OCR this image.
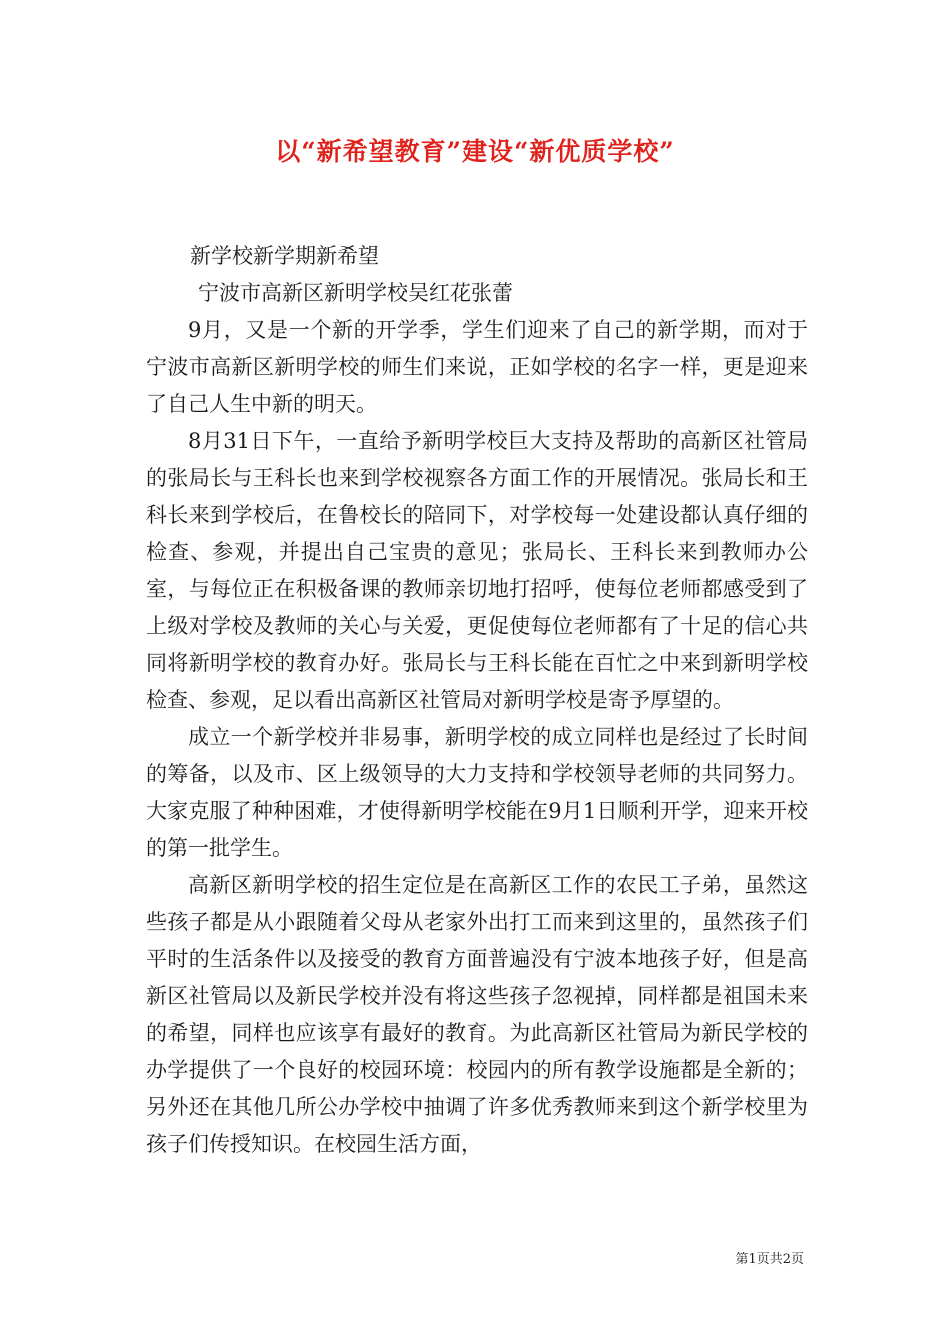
以“新希望教育”建设“新优质学校”

新学校新学期新希望

宁波市高新区新明学校吴红花张蕾

9月，又是一个新的开学季，学生们迎来了自己的新学期，而对于宁波市高新区新明学校的师生们来说，正如学校的名字一样，更是迎来了自己人生中新的明天。

8月31日下午，一直给予新明学校巨大支持及帮助的高新区社管局的张局长与王科长也来到学校视察各方面工作的开展情况。张局长和王科长来到学校后，在鲁校长的陪同下，对学校每一处建设都认真仔细的检查、参观，并提出自己宝贵的意见；张局长、王科长来到教师办公室，与每位正在积极备课的教师亲切地打招呼，使每位老师都感受到了上级对学校及教师的关心与关爱，更促使每位老师都有了十足的信心共同将新明学校的教育办好。张局长与王科长能在百忙之中来到新明学校检查、参观，足以看出高新区社管局对新明学校是寄予厚望的。

成立一个新学校并非易事，新明学校的成立同样也是经过了长时间的筹备，以及市、区上级领导的大力支持和学校领导老师的共同努力。大家克服了种种困难，才使得新明学校能在9月1日顺利开学，迎来开校的第一批学生。

高新区新明学校的招生定位是在高新区工作的农民工子弟，虽然这些孩子都是从小跟随着父母从老家外出打工而来到这里的，虽然孩子们平时的生活条件以及接受的教育方面普遍没有宁波本地孩子好，但是高新区社管局以及新民学校并没有将这些孩子忽视掉，同样都是祖国未来的希望，同样也应该享有最好的教育。为此高新区社管局为新民学校的办学提供了一个良好的校园环境：校园内的所有教学设施都是全新的；另外还在其他几所公办学校中抽调了许多优秀教师来到这个新学校里为孩子们传授知识。在校园生活方面，

第1页共2页
